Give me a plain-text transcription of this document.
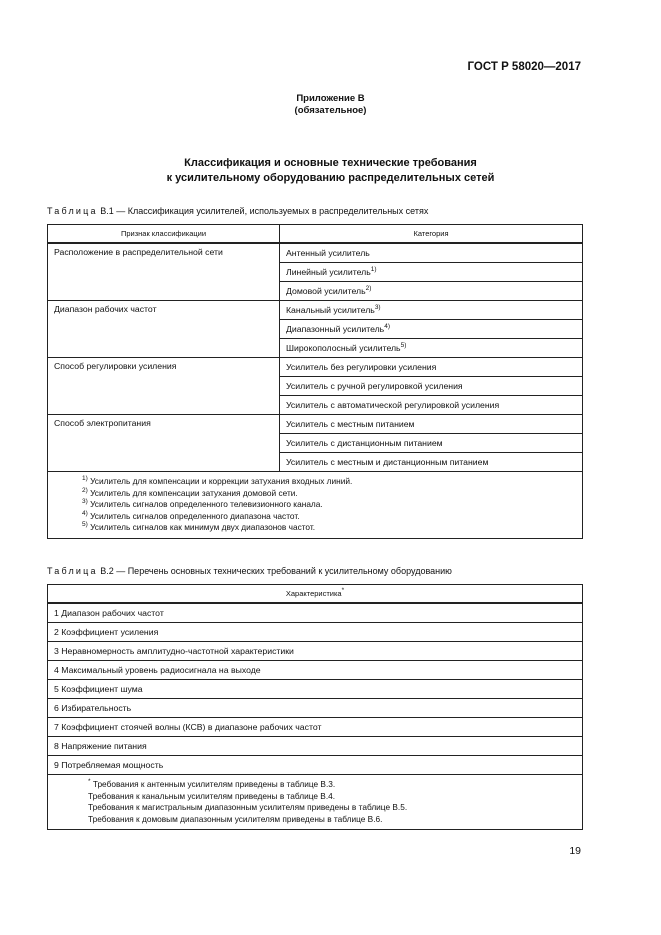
ГОСТ Р 58020—2017
Приложение В
(обязательное)
Классификация и основные технические требования
к усилительному оборудованию распределительных сетей
Таблица В.1 — Классификация усилителей, используемых в распределительных сетях
Признак классификации	Категория
Расположение в распределительной сети	Антенный усилитель
	Линейный усилитель$^{1)}$
	Домовой усилитель$^{2)}$
Диапазон рабочих частот	Канальный усилитель$^{3)}$
	Диапазонный усилитель$^{4)}$
	Широкополосный усилитель$^{5)}$
Способ регулировки усиления	Усилитель без регулировки усиления
	Усилитель с ручной регулировкой усиления
	Усилитель с автоматической регулировкой усиления
Способ электропитания	Усилитель с местным питанием
	Усилитель с дистанционным питанием
	Усилитель с местным и дистанционным питанием

$^{1)}$ Усилитель для компенсации и коррекции затухания входных линий.
$^{2)}$ Усилитель для компенсации затухания домовой сети.
$^{3)}$ Усилитель сигналов определенного телевизионного канала.
$^{4)}$ Усилитель сигналов определенного диапазона частот.
$^{5)}$ Усилитель сигналов как минимум двух диапазонов частот.	
Таблица В.2 — Перечень основных технических требований к усилительному оборудованию
Характеристика*
1 Диапазон рабочих частот
2 Коэффициент усиления
3 Неравномерность амплитудно-частотной характеристики
4 Максимальный уровень радиосигнала на выходе
5 Коэффициент шума
6 Избирательность
7 Коэффициент стоячей волны (КСВ) в диапазоне рабочих частот
8 Напряжение питания
9 Потребляемая мощность

* Требования к антенным усилителям приведены в таблице В.3.
Требования к канальным усилителям приведены в таблице В.4.
Требования к магистральным диапазонным усилителям приведены в таблице В.5.
Требования к домовым диапазонным усилителям приведены в таблице В.6.
19
